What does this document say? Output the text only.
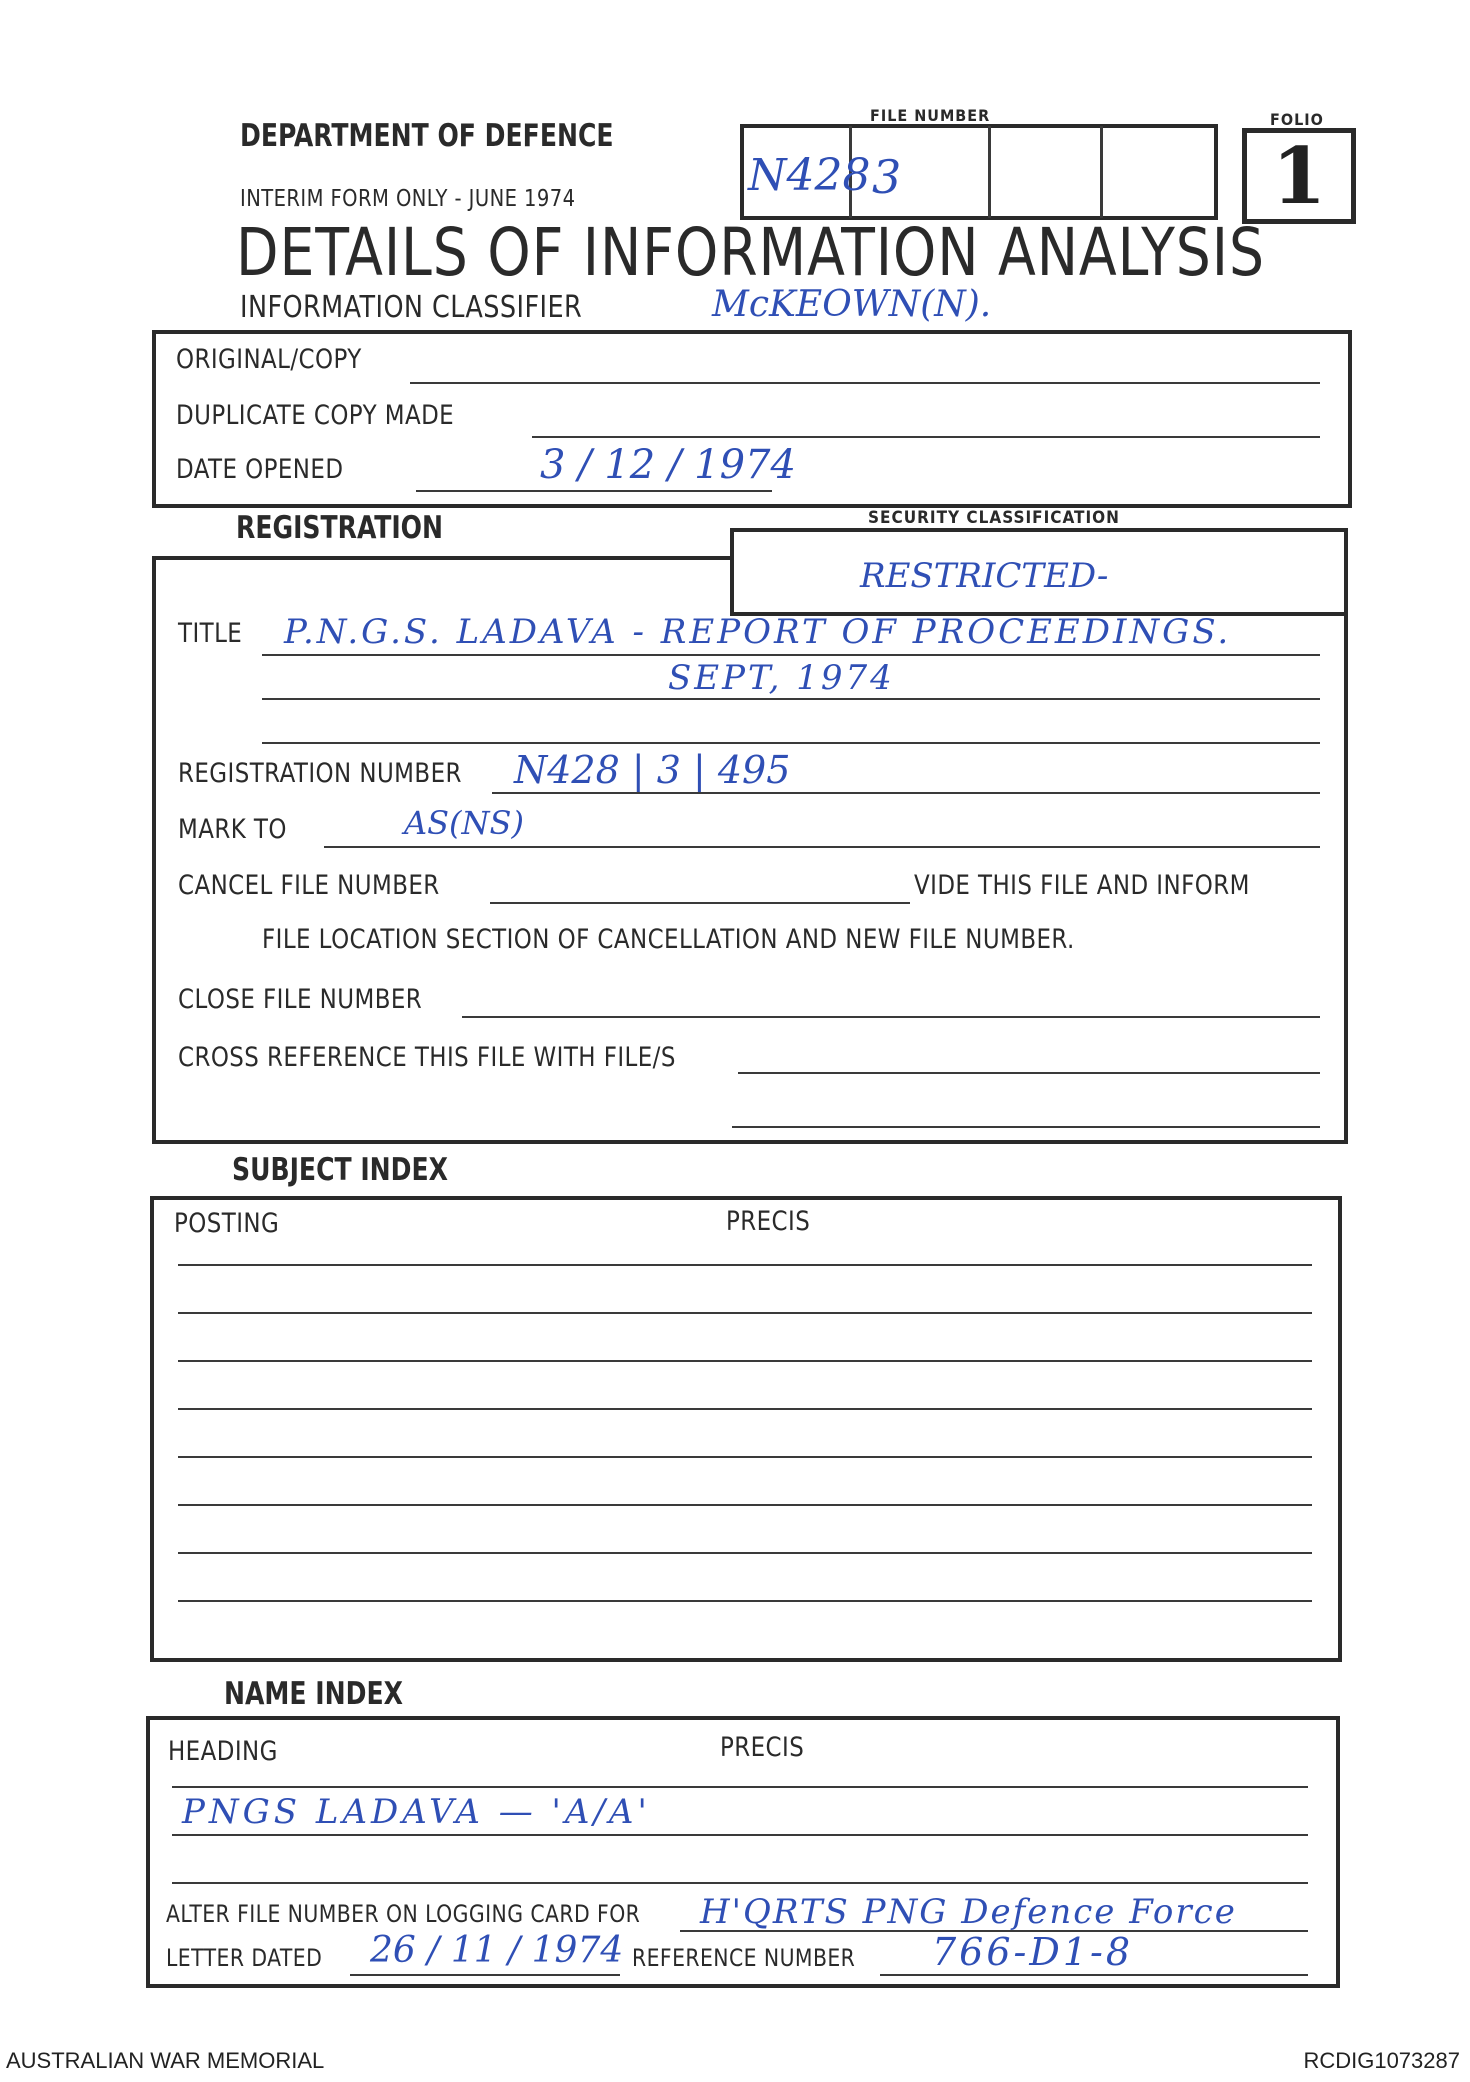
DEPARTMENT OF DEFENCE
INTERIM FORM ONLY - JUNE 1974
DETAILS OF INFORMATION ANALYSIS
INFORMATION CLASSIFIER	McKEOWN(N).
FILE NUMBER
N428 3
FOLIO
1
ORIGINAL/COPY
DUPLICATE COPY MADE
DATE OPENED	3 / 12 / 1974
REGISTRATION	SECURITY CLASSIFICATION
RESTRICTED-
TITLE P.N.G.S. LADAVA - REPORT OF PROCEEDINGS.
SEPT, 1974
REGISTRATION NUMBER N428 | 3 | 495
MARK TO	AS(NS)
CANCEL FILE NUMBER	VIDE THIS FILE AND INFORM
FILE LOCATION SECTION OF CANCELLATION AND NEW FILE NUMBER.
CLOSE FILE NUMBER
CROSS REFERENCE THIS FILE WITH FILE/S
SUBJECT INDEX
POSTING	PRECIS
NAME INDEX
HEADING	PRECIS
PNGS LADAVA — 'A/A'
ALTER FILE NUMBER ON LOGGING CARD FOR H'QRTS PNG Defence Force
LETTER DATED 26 / 11 / 1974 REFERENCE NUMBER 766-D1-8
AUSTRALIAN WAR MEMORIAL	RCDIG1073287
